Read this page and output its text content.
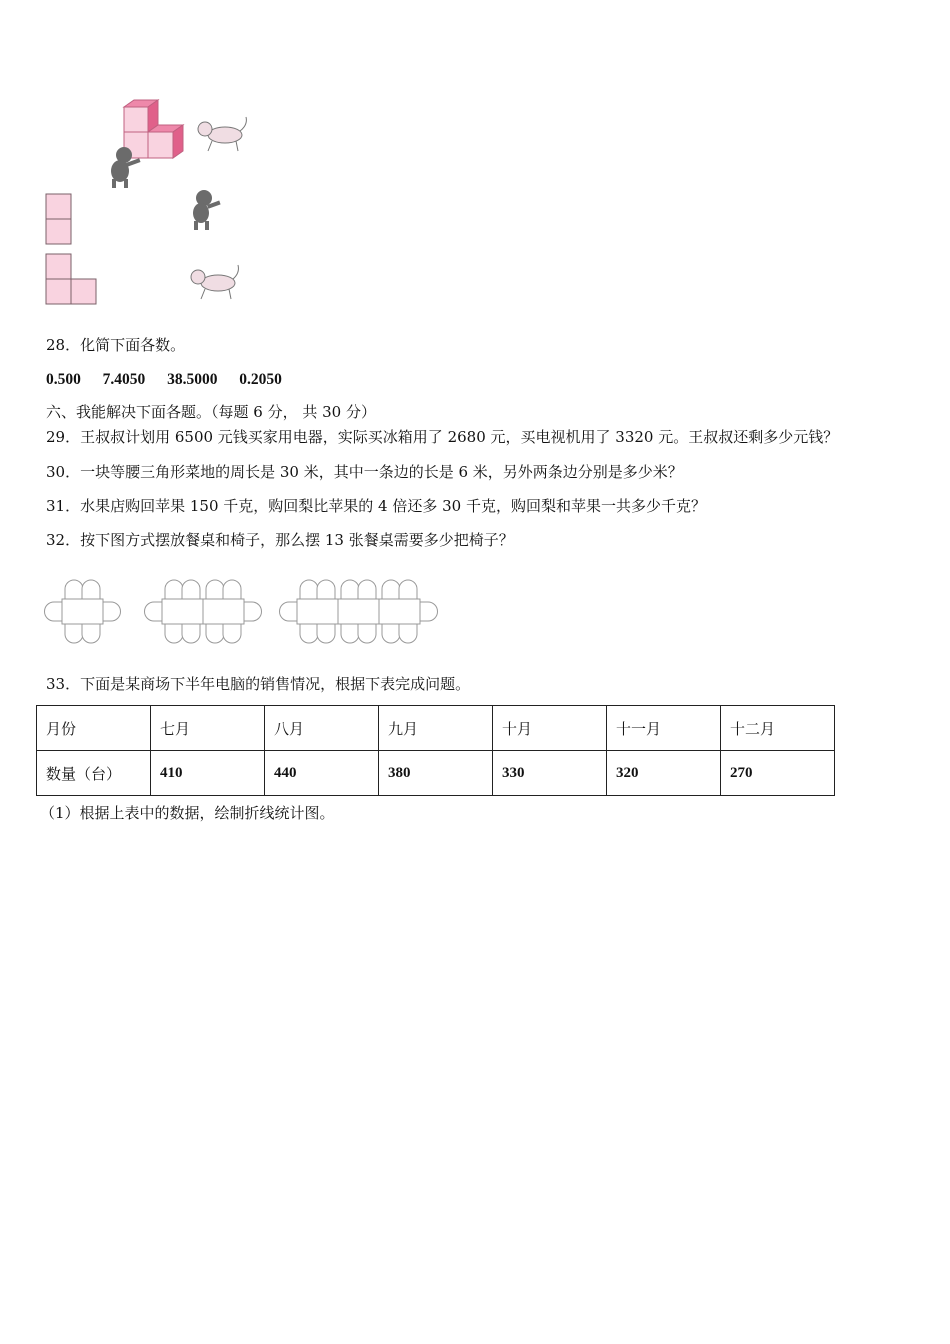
28．化简下面各数。
0.500 7.4050 38.5000 0.2050
六、我能解决下面各题。（每题 6 分， 共 30 分）
29．王叔叔计划用 6500 元钱买家用电器，实际买冰箱用了 2680 元，买电视机用了 3320 元。王叔叔还剩多少元钱？
30．一块等腰三角形菜地的周长是 30 米，其中一条边的长是 6 米，另外两条边分别是多少米？
31．水果店购回苹果 150 千克，购回梨比苹果的 4 倍还多 30 千克，购回梨和苹果一共多少千克？
32．按下图方式摆放餐桌和椅子，那么摆 13 张餐桌需要多少把椅子？
33．下面是某商场下半年电脑的销售情况，根据下表完成问题。
月份	七月	八月	九月	十月	十一月	十二月
数量（台）	410	440	380	330	320	270
（1）根据上表中的数据，绘制折线统计图。
